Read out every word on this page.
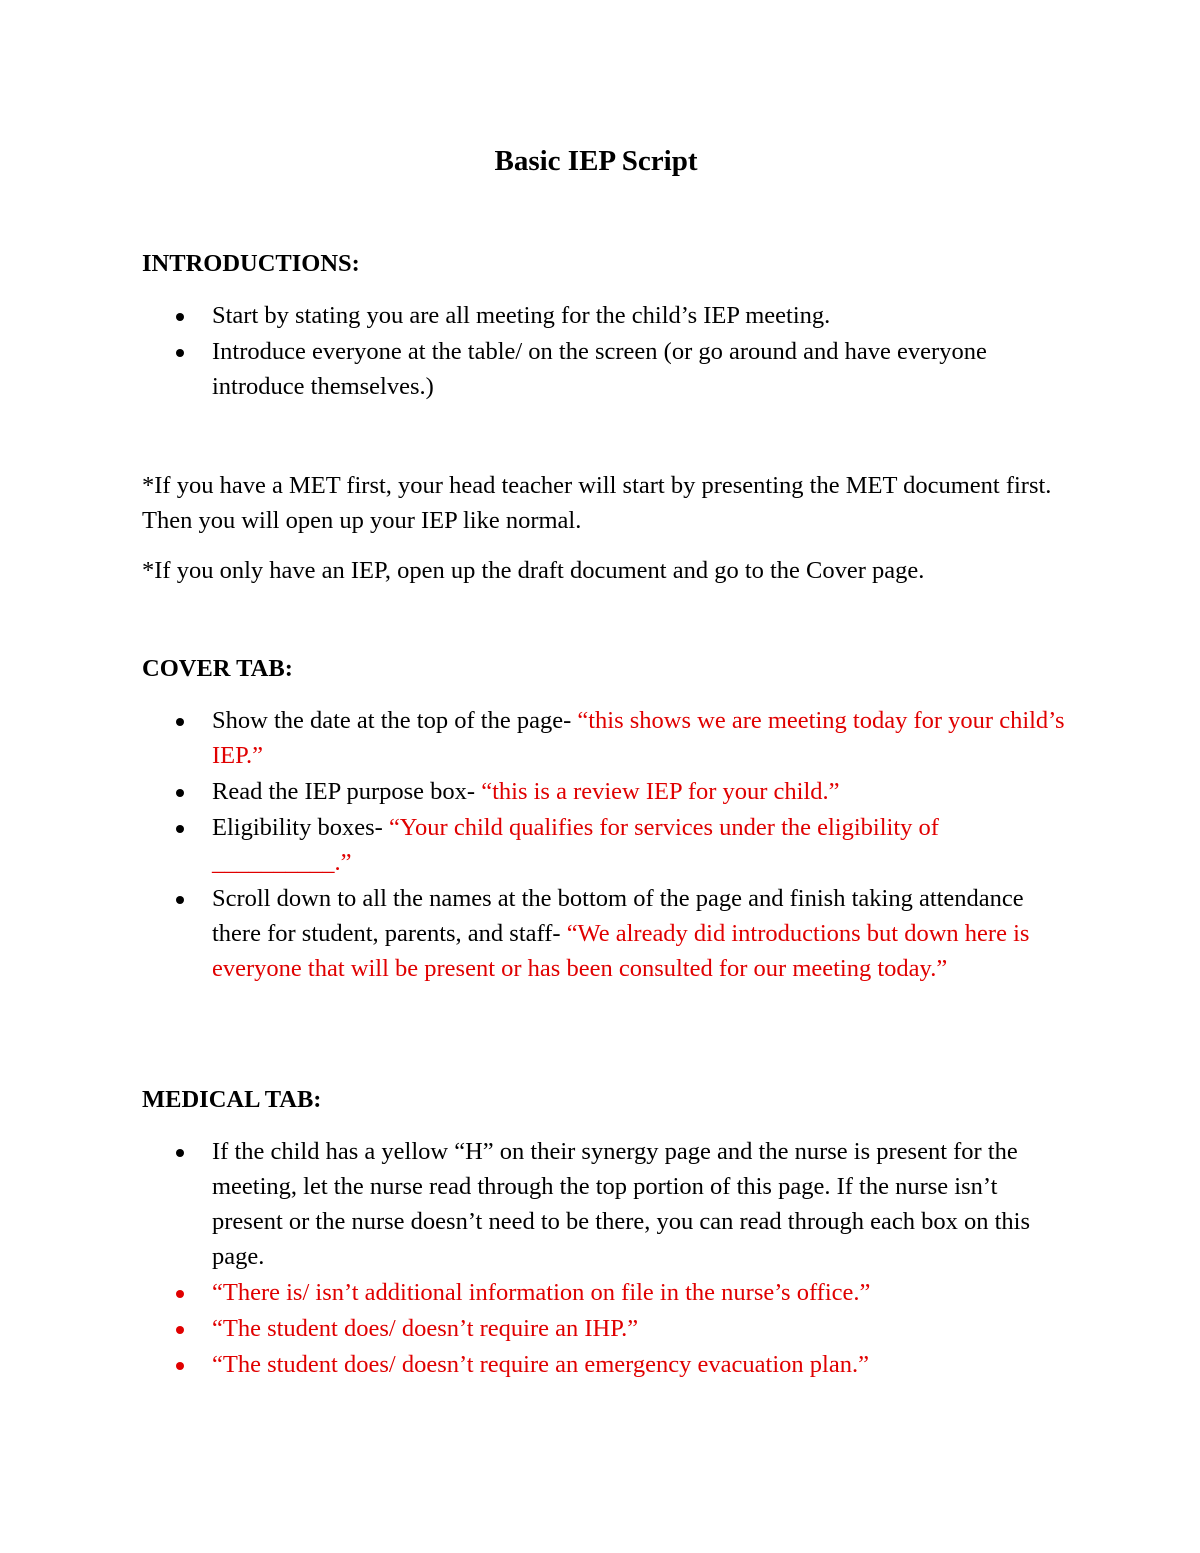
Basic IEP Script
INTRODUCTIONS:
Start by stating you are all meeting for the child’s IEP meeting.
Introduce everyone at the table/ on the screen (or go around and have everyone introduce themselves.)

*If you have a MET first, your head teacher will start by presenting the MET document first. Then you will open up your IEP like normal.

*If you only have an IEP, open up the draft document and go to the Cover page.

COVER TAB:
Show the date at the top of the page- “this shows we are meeting today for your child’s IEP.”
Read the IEP purpose box- “this is a review IEP for your child.”
Eligibility boxes- “Your child qualifies for services under the eligibility of __________.”
Scroll down to all the names at the bottom of the page and finish taking attendance there for student, parents, and staff- “We already did introductions but down here is everyone that will be present or has been consulted for our meeting today.”
MEDICAL TAB:
If the child has a yellow “H” on their synergy page and the nurse is present for the meeting, let the nurse read through the top portion of this page. If the nurse isn’t present or the nurse doesn’t need to be there, you can read through each box on this page.
“There is/ isn’t additional information on file in the nurse’s office.”
“The student does/ doesn’t require an IHP.”
“The student does/ doesn’t require an emergency evacuation plan.”
